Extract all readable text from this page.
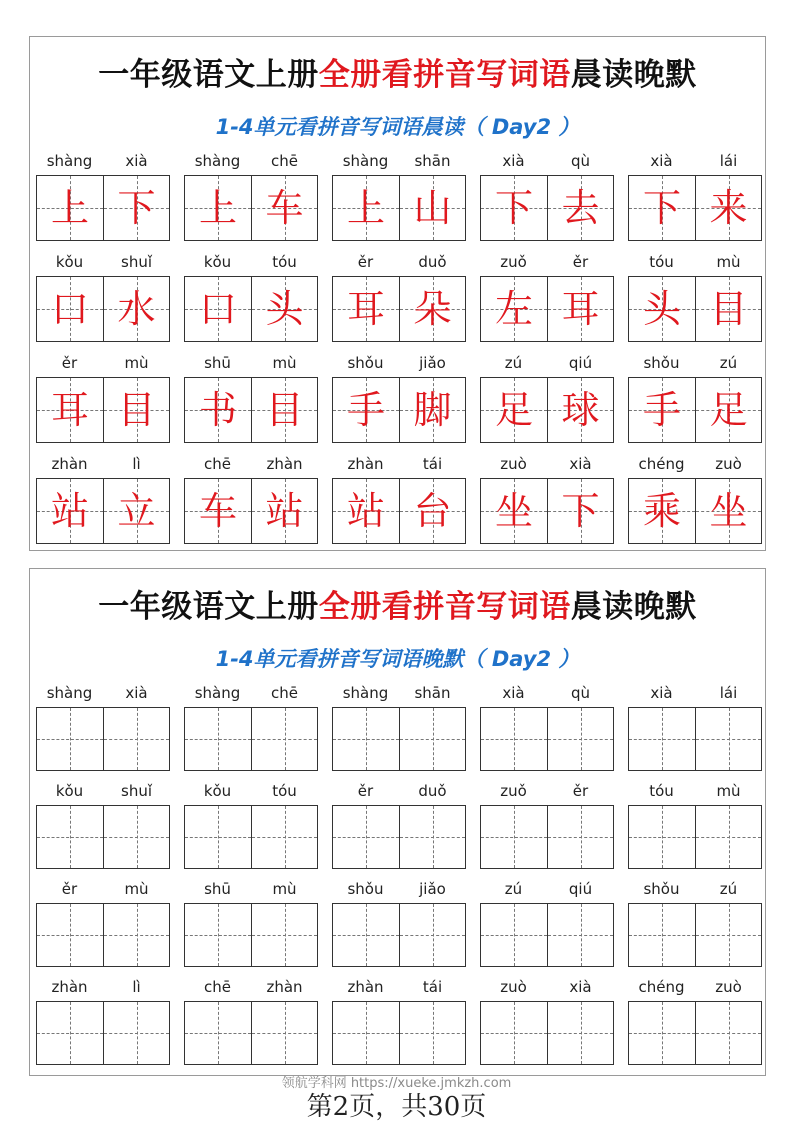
一年级语文上册全册看拼音写词语晨读晚默
1-4单元看拼音写词语晨读（ Day2 ）
shàng	xià
上 下
shàng	chē
上 车
shàng	shān
上 山
xià	qù
下 去
xià	lái
下 来
kǒu	shuǐ
口 水
kǒu	tóu
口 头
ěr	duǒ
耳 朵
zuǒ	ěr
左 耳
tóu	mù
头 目
ěr	mù
耳 目
shū	mù
书 目
shǒu	jiǎo
手 脚
zú	qiú
足 球
shǒu	zú
手 足
zhàn	lì
站 立
chē	zhàn
车 站
zhàn	tái
站 台
zuò	xià
坐 下
chéng	zuò
乘 坐
一年级语文上册全册看拼音写词语晨读晚默
1-4单元看拼音写词语晚默（ Day2 ）
shàng	xià	shàng	chē	shàng	shān	xià	qù	xià	lái
kǒu	shuǐ	kǒu	tóu	ěr	duǒ	zuǒ	ěr	tóu	mù
ěr	mù	shū	mù	shǒu	jiǎo	zú	qiú	shǒu	zú
zhàn	lì	chē	zhàn	zhàn	tái	zuò	xià	chéng	zuò
领航学科网 https://xueke.jmkzh.com
第2页，共30页
